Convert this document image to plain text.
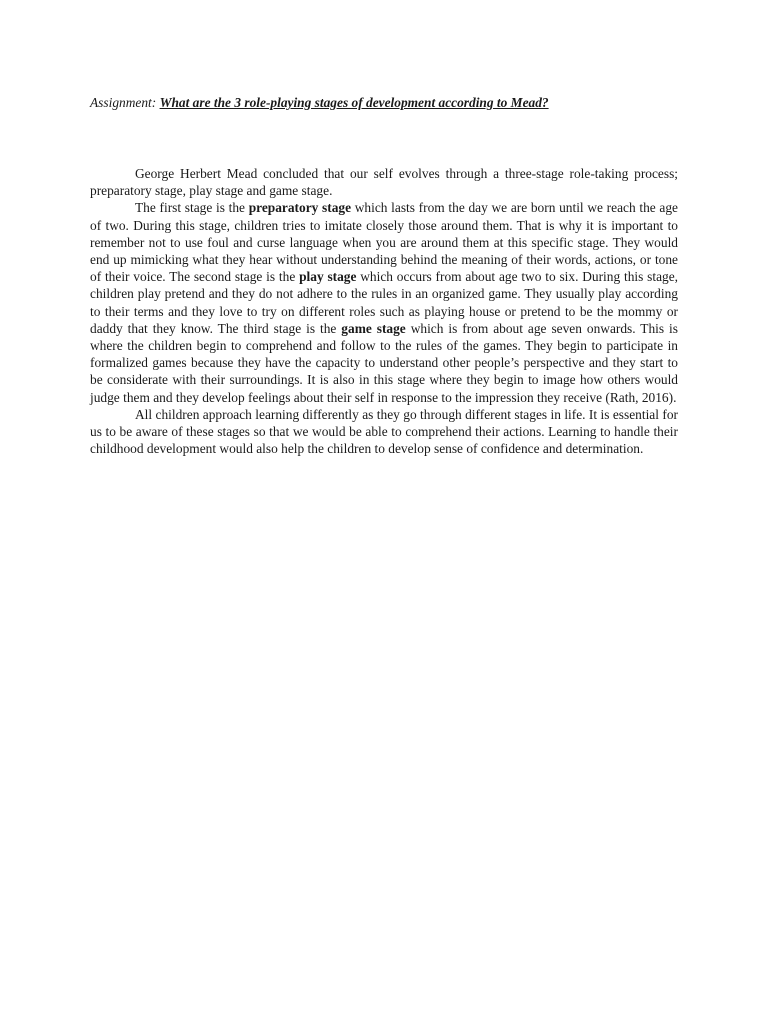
Assignment: What are the 3 role-playing stages of development according to Mead?

George Herbert Mead concluded that our self evolves through a three-stage role-taking process; preparatory stage, play stage and game stage.

The first stage is the preparatory stage which lasts from the day we are born until we reach the age of two. During this stage, children tries to imitate closely those around them. That is why it is important to remember not to use foul and curse language when you are around them at this specific stage. They would end up mimicking what they hear without understanding behind the meaning of their words, actions, or tone of their voice. The second stage is the play stage which occurs from about age two to six. During this stage, children play pretend and they do not adhere to the rules in an organized game. They usually play according to their terms and they love to try on different roles such as playing house or pretend to be the mommy or daddy that they know. The third stage is the game stage which is from about age seven onwards. This is where the children begin to comprehend and follow to the rules of the games. They begin to participate in formalized games because they have the capacity to understand other people’s perspective and they start to be considerate with their surroundings. It is also in this stage where they begin to image how others would judge them and they develop feelings about their self in response to the impression they receive (Rath, 2016).

All children approach learning differently as they go through different stages in life. It is essential for us to be aware of these stages so that we would be able to comprehend their actions. Learning to handle their childhood development would also help the children to develop sense of confidence and determination.
